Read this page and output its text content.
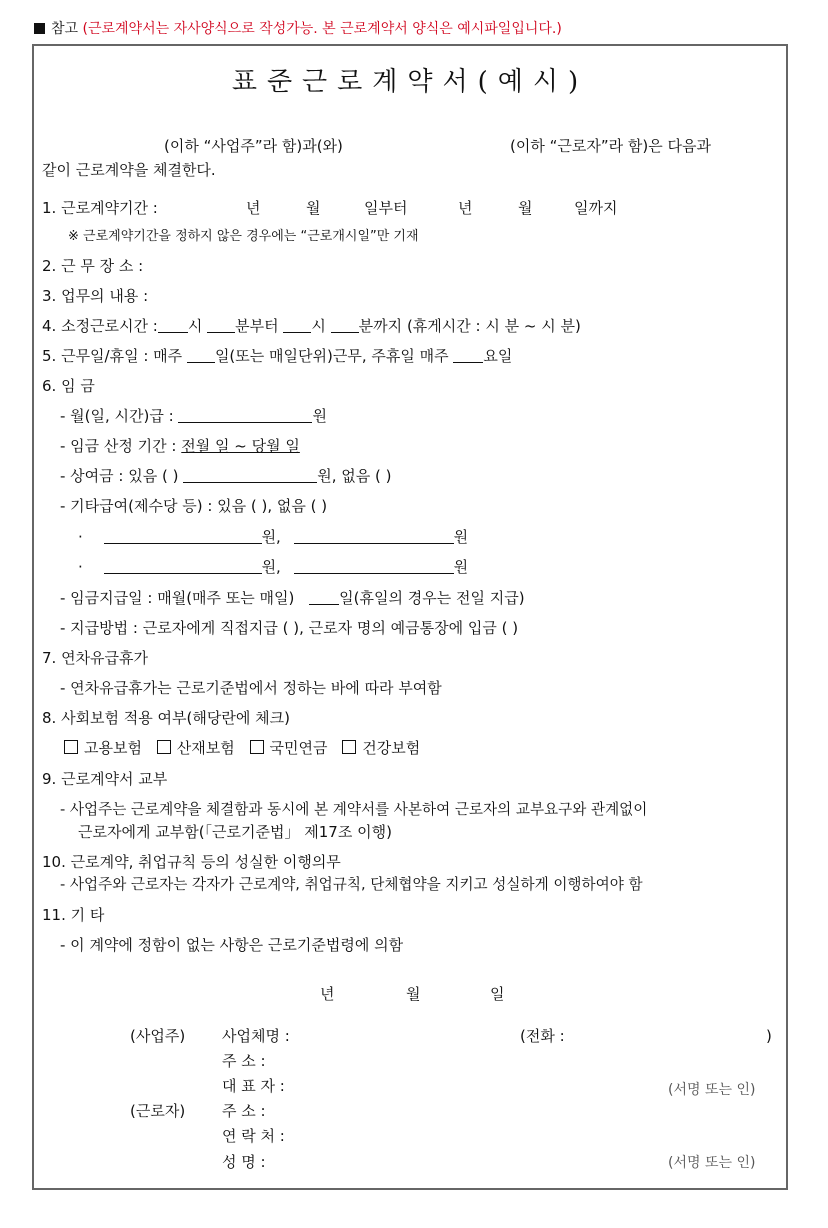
참고 (근로계약서는 자사양식으로 작성가능. 본 근로계약서 양식은 예시파일입니다.)
표준근로계약서(예시)
(이하 “사업주”라 함)과(와)	(이하 “근로자”라 함)은 다음과
같이 근로계약을 체결한다.
1. 근로계약기간 :	년	월	일부터	년	월	일까지
※ 근로계약기간을 정하지 않은 경우에는 “근로개시일”만 기재
2. 근 무 장 소 :
3. 업무의 내용 :
4. 소정근로시간 : 시 분부터 시 분까지 (휴게시간 : 시 분 ~ 시 분)
5. 근무일/휴일 : 매주 일(또는 매일단위)근무, 주휴일 매주 요일
6. 임 금
- 월(일, 시간)급 :	원
- 임금 산정 기간 : 전월 일 ~ 당월 일
- 상여금 : 있음 ( )	원, 없음 ( )
- 기타급여(제수당 등) : 있음 ( ), 없음 ( )
·	원,	원
·	원,	원
- 임금지급일 : 매월(매주 또는 매일)	일(휴일의 경우는 전일 지급)
- 지급방법 : 근로자에게 직접지급 ( ), 근로자 명의 예금통장에 입금 ( )
7. 연차유급휴가
- 연차유급휴가는 근로기준법에서 정하는 바에 따라 부여함
8. 사회보험 적용 여부(해당란에 체크)
고용보험 산재보험 국민연금 건강보험
9. 근로계약서 교부
- 사업주는 근로계약을 체결함과 동시에 본 계약서를 사본하여 근로자의 교부요구와 관계없이
근로자에게 교부함(「근로기준법」 제17조 이행)
10. 근로계약, 취업규칙 등의 성실한 이행의무
- 사업주와 근로자는 각자가 근로계약, 취업규칙, 단체협약을 지키고 성실하게 이행하여야 함
11. 기 타
- 이 계약에 정함이 없는 사항은 근로기준법령에 의함
년	월	일
(사업주) 사업체명 :	(전화 :	)
주 소 :
대 표 자 :	(서명 또는 인)
(근로자) 주 소 :
연 락 처 :
성 명 :	(서명 또는 인)
